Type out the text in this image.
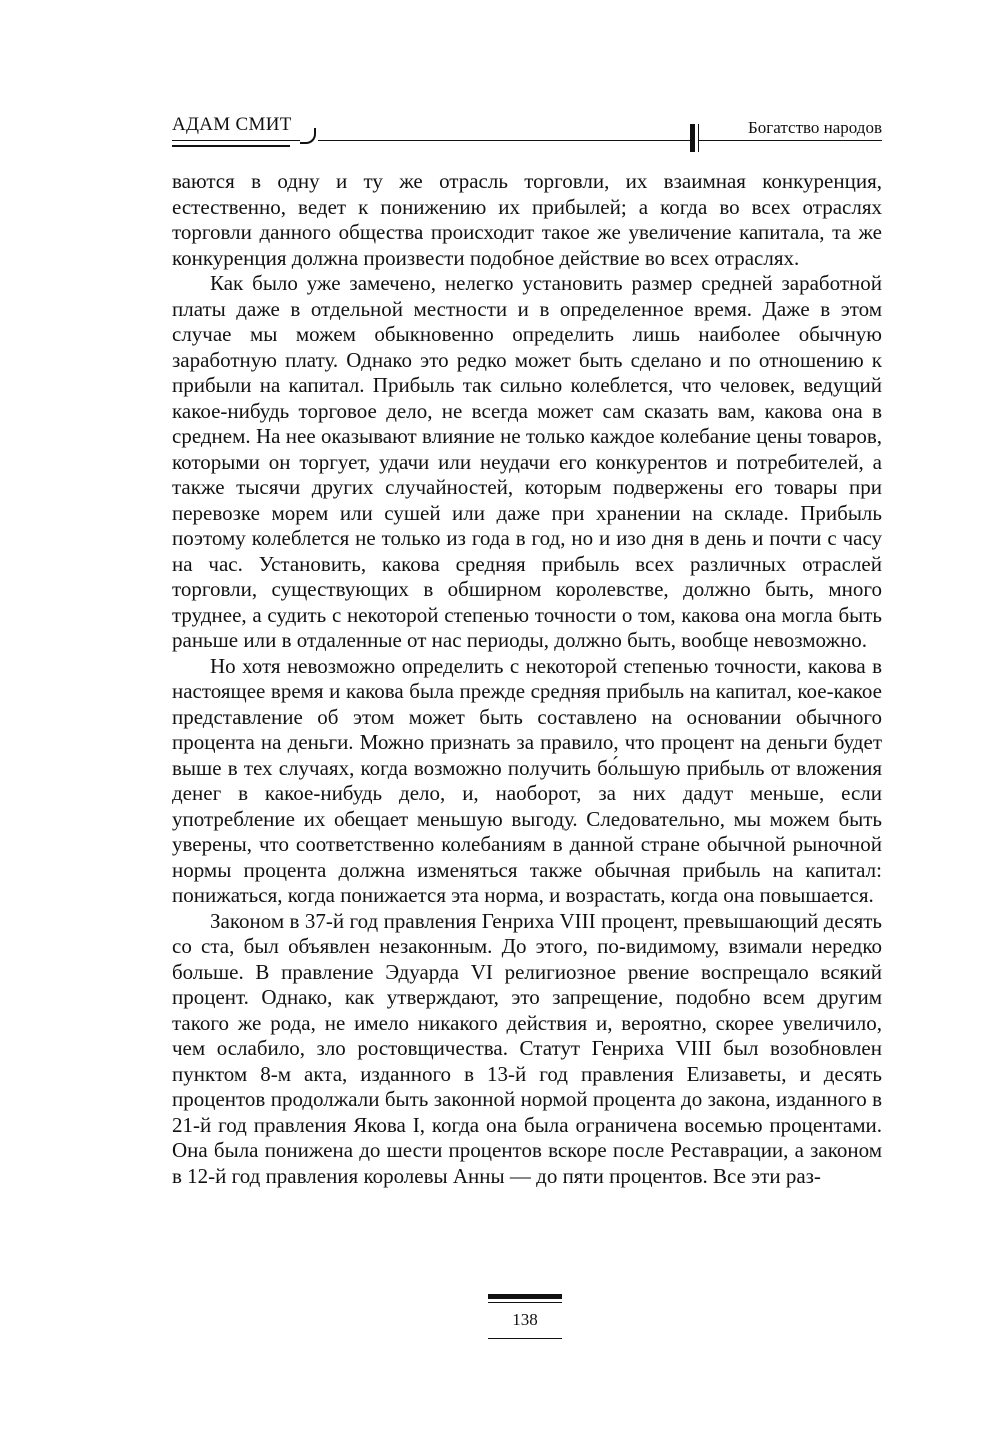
АДАМ СМИТ	Богатство народов

ваются в одну и ту же отрасль торговли, их взаимная конкуренция, естественно, ведет к понижению их прибылей; а когда во всех отраслях торговли данного общества происходит такое же увеличение капитала, та же конкуренция должна произвести подобное действие во всех отраслях.

Как было уже замечено, нелегко установить размер средней заработной платы даже в отдельной местности и в определенное время. Даже в этом случае мы можем обыкновенно определить лишь наиболее обычную заработную плату. Однако это редко может быть сделано и по отношению к прибыли на капитал. Прибыль так сильно колеблется, что человек, ведущий какое-нибудь торговое дело, не всегда может сам сказать вам, какова она в среднем. На нее оказывают влияние не только каждое колебание цены товаров, которыми он торгует, удачи или неудачи его конкурентов и потребителей, а также тысячи других случайностей, которым подвержены его товары при перевозке морем или сушей или даже при хранении на складе. Прибыль поэтому колеблется не только из года в год, но и изо дня в день и почти с часу на час. Установить, какова средняя прибыль всех различных отраслей торговли, существующих в обширном королевстве, должно быть, много труднее, а судить с некоторой степенью точности о том, какова она могла быть раньше или в отдаленные от нас периоды, должно быть, вообще невозможно.

Но хотя невозможно определить с некоторой степенью точности, какова в настоящее время и какова была прежде средняя прибыль на капитал, кое-какое представление об этом может быть составлено на основании обычного процента на деньги. Можно признать за правило, что процент на деньги будет выше в тех случаях, когда возможно получить бо́льшую прибыль от вложения денег в какое-нибудь дело, и, наоборот, за них дадут меньше, если употребление их обещает меньшую выгоду. Следовательно, мы можем быть уверены, что соответственно колебаниям в данной стране обычной рыночной нормы процента должна изменяться также обычная прибыль на капитал: понижаться, когда понижается эта норма, и возрастать, когда она повышается.

Законом в 37-й год правления Генриха VIII процент, превышающий десять со ста, был объявлен незаконным. До этого, по-видимому, взимали нередко больше. В правление Эдуарда VI религиозное рвение воспрещало всякий процент. Однако, как утверждают, это запрещение, подобно всем другим такого же рода, не имело никакого действия и, вероятно, скорее увеличило, чем ослабило, зло ростовщичества. Статут Генриха VIII был возобновлен пунктом 8-м акта, изданного в 13-й год правления Елизаветы, и десять процентов продолжали быть законной нормой процента до закона, изданного в 21-й год правления Якова I, когда она была ограничена восемью процентами. Она была понижена до шести процентов вскоре после Реставрации, а законом в 12-й год правления королевы Анны — до пяти процентов. Все эти раз-

138
